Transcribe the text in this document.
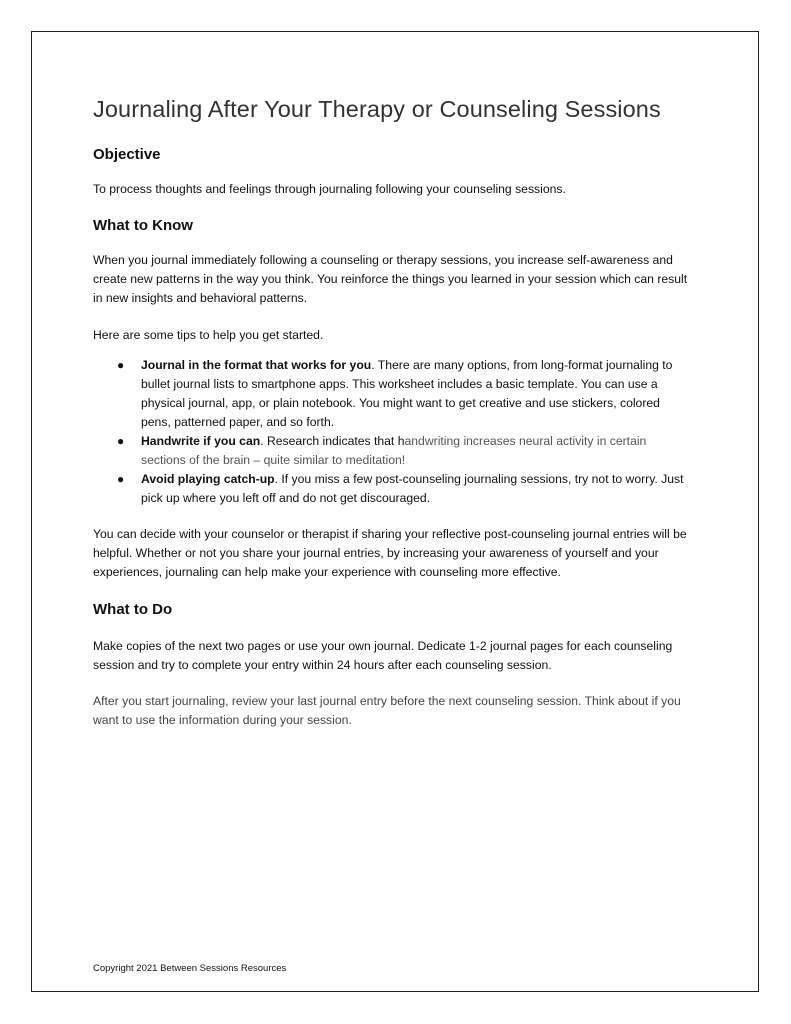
Journaling After Your Therapy or Counseling Sessions
Objective

To process thoughts and feelings through journaling following your counseling sessions.

What to Know

When you journal immediately following a counseling or therapy sessions, you increase self-awareness and create new patterns in the way you think. You reinforce the things you learned in your session which can result in new insights and behavioral patterns.

Here are some tips to help you get started.

● Journal in the format that works for you. There are many options, from long-format journaling to bullet journal lists to smartphone apps. This worksheet includes a basic template. You can use a physical journal, app, or plain notebook. You might want to get creative and use stickers, colored pens, patterned paper, and so forth.
● Handwrite if you can. Research indicates that handwriting increases neural activity in certain sections of the brain – quite similar to meditation!
● Avoid playing catch-up. If you miss a few post-counseling journaling sessions, try not to worry. Just pick up where you left off and do not get discouraged.

You can decide with your counselor or therapist if sharing your reflective post-counseling journal entries will be helpful. Whether or not you share your journal entries, by increasing your awareness of yourself and your experiences, journaling can help make your experience with counseling more effective.

What to Do

Make copies of the next two pages or use your own journal. Dedicate 1-2 journal pages for each counseling session and try to complete your entry within 24 hours after each counseling session.

After you start journaling, review your last journal entry before the next counseling session. Think about if you want to use the information during your session.

Copyright 2021 Between Sessions Resources
